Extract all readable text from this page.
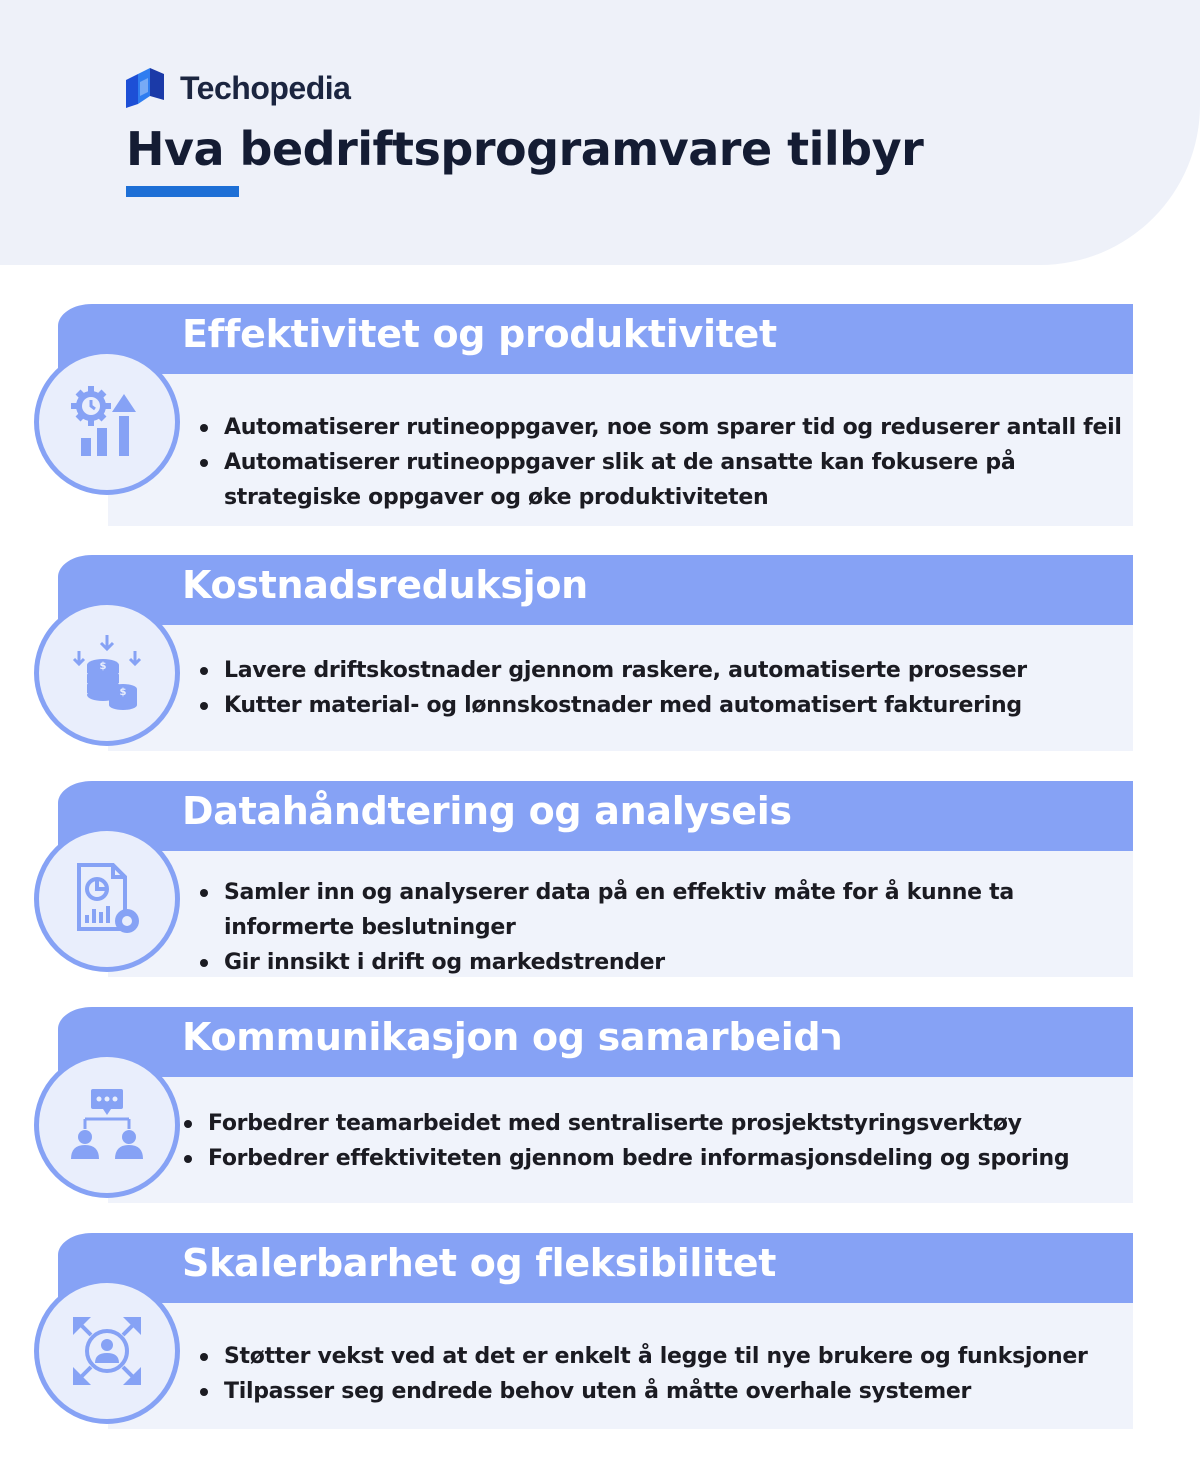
Techopedia
Hva bedriftsprogramvare tilbyr
Effektivitet og produktivitet
Automatiserer rutineoppgaver, noe som sparer tid og reduserer antall feil
Automatiserer rutineoppgaver slik at de ansatte kan fokusere på
strategiske oppgaver og øke produktiviteten
Kostnadsreduksjon
$
$
Lavere driftskostnader gjennom raskere, automatiserte prosesser
Kutter material- og lønnskostnader med automatisert fakturering
Datahåndtering og analyseis
Samler inn og analyserer data på en effektiv måte for å kunne ta
informerte beslutninger
Gir innsikt i drift og markedstrender
Kommunikasjon og samarbeidר
Forbedrer teamarbeidet med sentraliserte prosjektstyringsverktøy
Forbedrer effektiviteten gjennom bedre informasjonsdeling og sporing
Skalerbarhet og fleksibilitet
Støtter vekst ved at det er enkelt å legge til nye brukere og funksjoner
Tilpasser seg endrede behov uten å måtte overhale systemer
